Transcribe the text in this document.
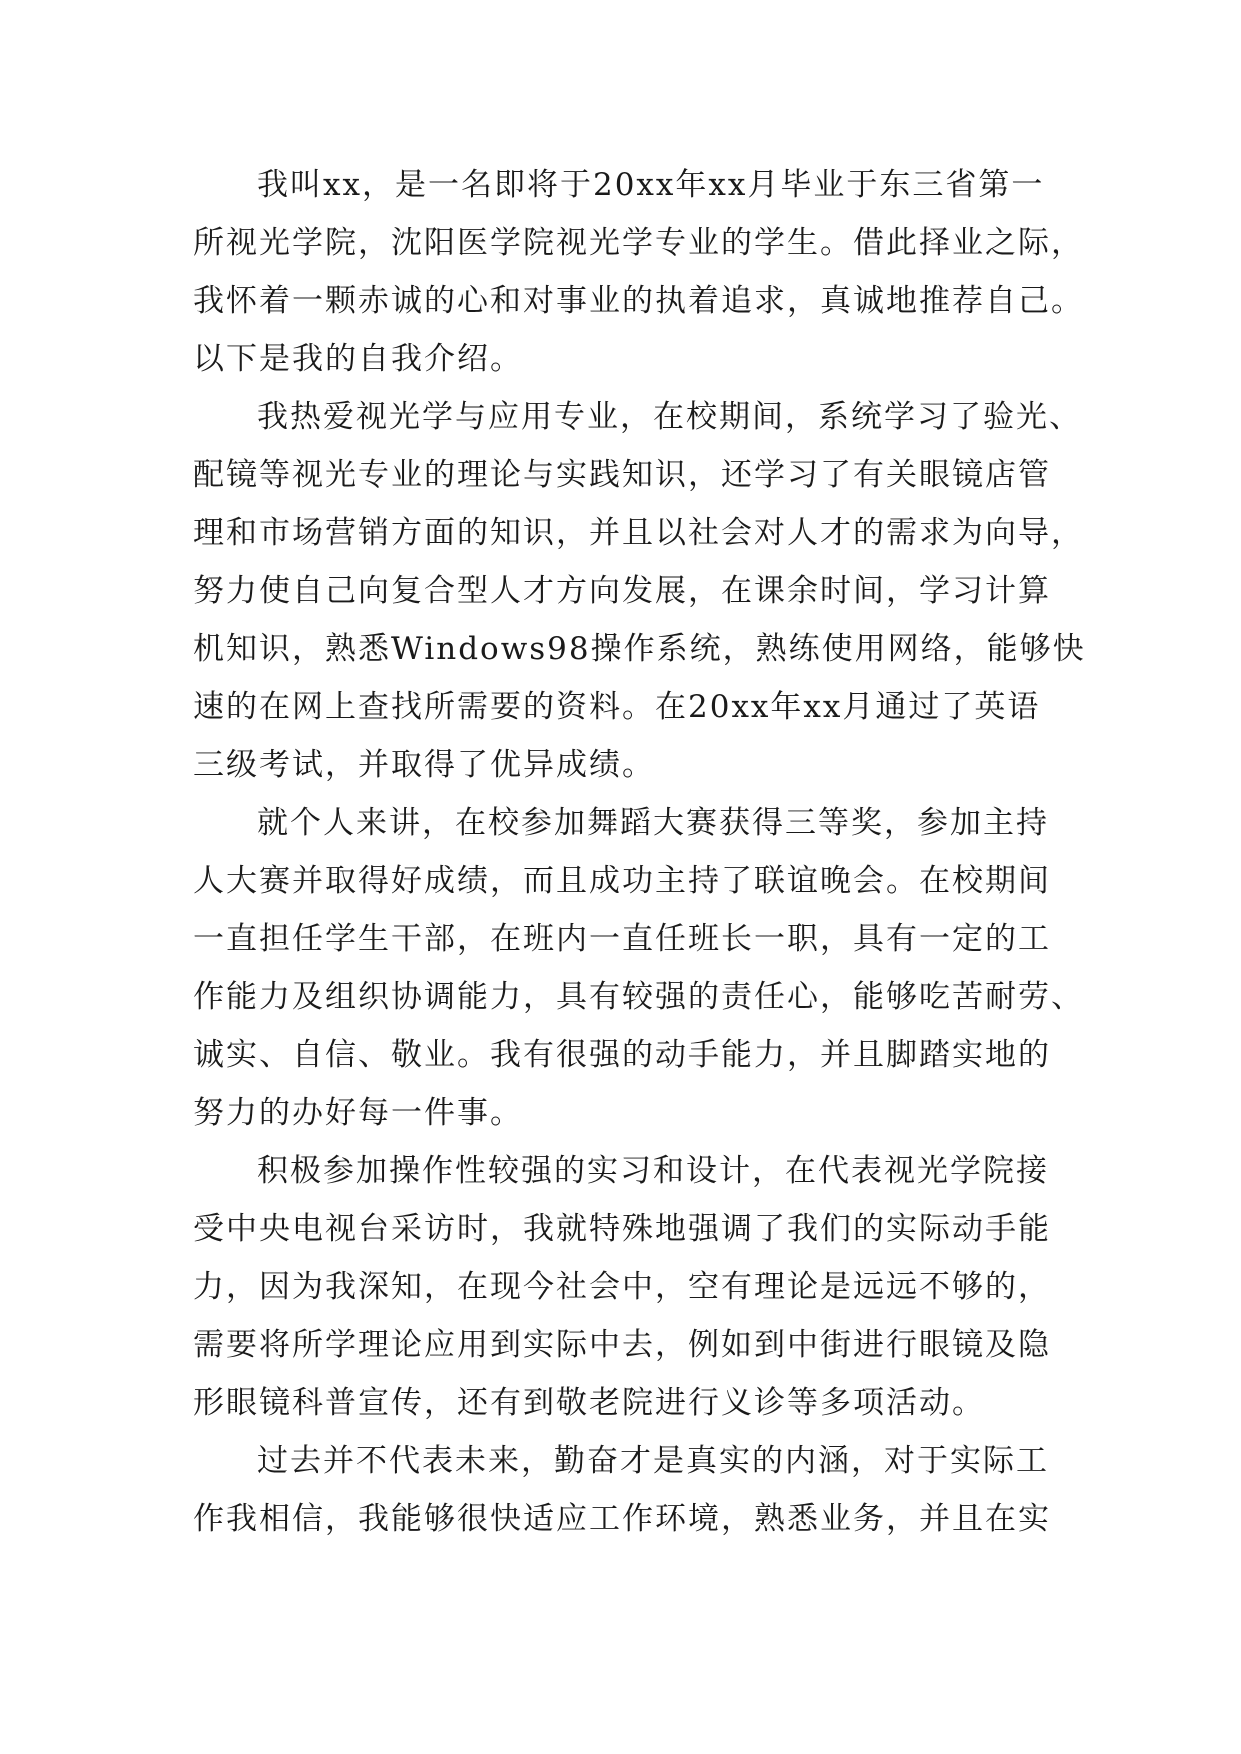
我叫xx，是一名即将于20xx年xx月毕业于东三省第一
所视光学院，沈阳医学院视光学专业的学生。借此择业之际，
我怀着一颗赤诚的心和对事业的执着追求，真诚地推荐自己。
以下是我的自我介绍。
我热爱视光学与应用专业，在校期间，系统学习了验光、
配镜等视光专业的理论与实践知识，还学习了有关眼镜店管
理和市场营销方面的知识，并且以社会对人才的需求为向导，
努力使自己向复合型人才方向发展，在课余时间，学习计算
机知识，熟悉Windows98操作系统，熟练使用网络，能够快
速的在网上查找所需要的资料。在20xx年xx月通过了英语
三级考试，并取得了优异成绩。
就个人来讲，在校参加舞蹈大赛获得三等奖，参加主持
人大赛并取得好成绩，而且成功主持了联谊晚会。在校期间
一直担任学生干部，在班内一直任班长一职，具有一定的工
作能力及组织协调能力，具有较强的责任心，能够吃苦耐劳、
诚实、自信、敬业。我有很强的动手能力，并且脚踏实地的
努力的办好每一件事。
积极参加操作性较强的实习和设计，在代表视光学院接
受中央电视台采访时，我就特殊地强调了我们的实际动手能
力，因为我深知，在现今社会中，空有理论是远远不够的，
需要将所学理论应用到实际中去，例如到中街进行眼镜及隐
形眼镜科普宣传，还有到敬老院进行义诊等多项活动。
过去并不代表未来，勤奋才是真实的内涵，对于实际工
作我相信，我能够很快适应工作环境，熟悉业务，并且在实
